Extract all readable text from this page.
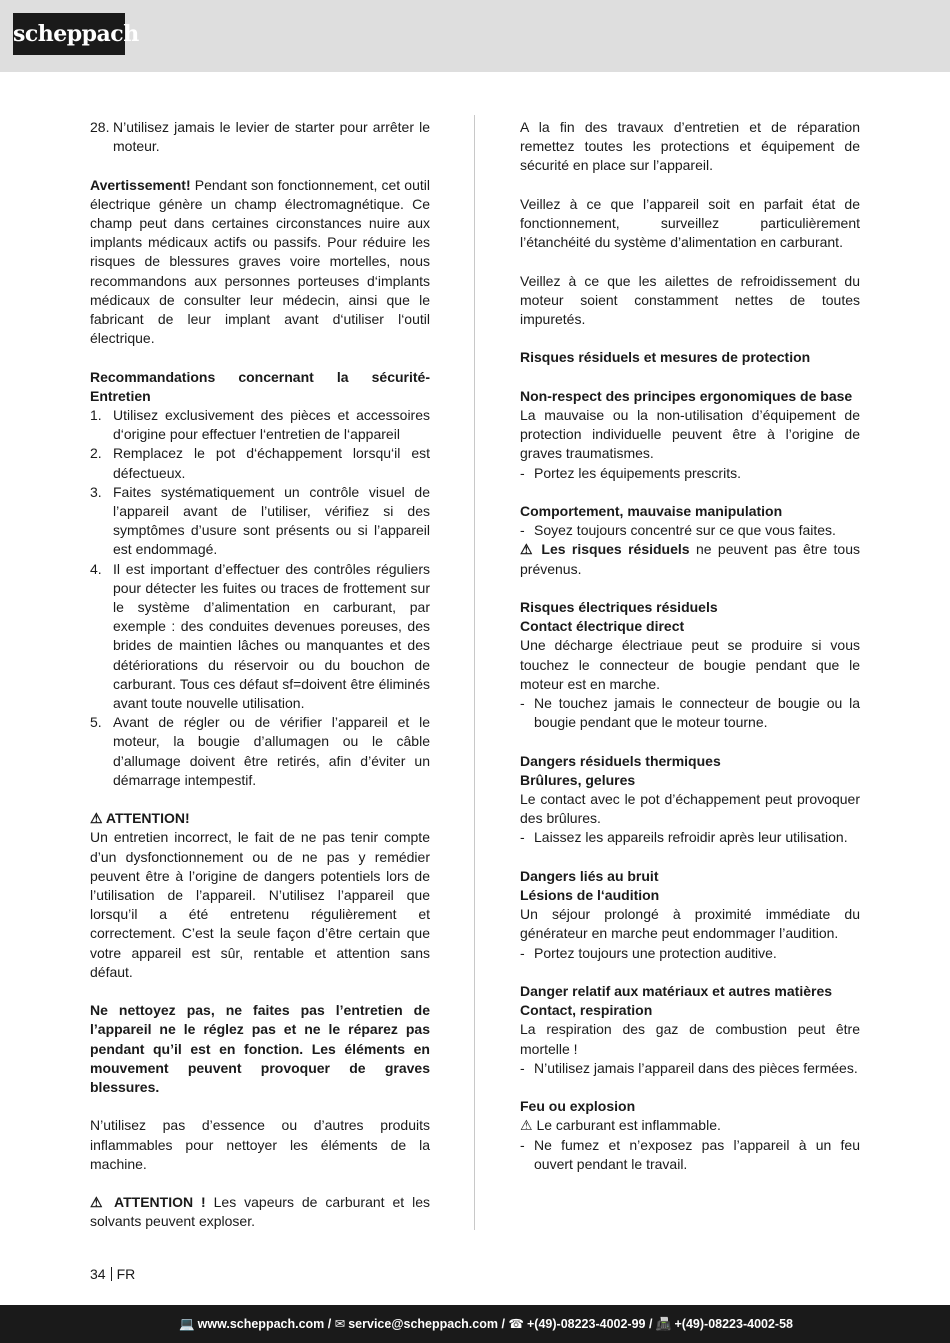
scheppach
28. N’utilisez jamais le levier de starter pour arrêter le moteur.

Avertissement! Pendant son fonctionnement, cet outil électrique génère un champ électromagnétique. Ce champ peut dans certaines circonstances nuire aux implants médicaux actifs ou passifs. Pour réduire les risques de blessures graves voire mortelles, nous recommandons aux personnes porteuses d‘implants médicaux de consulter leur médecin, ainsi que le fabricant de leur implant avant d‘utiliser l‘outil électrique.

Recommandations concernant la sécurité-Entretien

1. Utilisez exclusivement des pièces et accessoires d‘origine pour effectuer l‘entretien de l‘appareil
2. Remplacez le pot d‘échappement lorsqu‘il est défectueux.
3. Faites systématiquement un contrôle visuel de l’appareil avant de l’utiliser, vérifiez si des symptômes d’usure sont présents ou si l’appareil est endommagé.
4. Il est important d’effectuer des contrôles réguliers pour détecter les fuites ou traces de frottement sur le système d’alimentation en carburant, par exemple : des conduites devenues poreuses, des brides de maintien lâches ou manquantes et des détériorations du réservoir ou du bouchon de carburant. Tous ces défaut sf=doivent être éliminés avant toute nouvelle utilisation.
5. Avant de régler ou de vérifier l’appareil et le moteur, la bougie d’allumagen ou le câble d’allumage doivent être retirés, afin d’éviter un démarrage intempestif.

⚠ ATTENTION!

Un entretien incorrect, le fait de ne pas tenir compte d’un dysfonctionnement ou de ne pas y remédier peuvent être à l’origine de dangers potentiels lors de l’utilisation de l’appareil. N’utilisez l’appareil que lorsqu’il a été entretenu régulièrement et correctement. C’est la seule façon d’être certain que votre appareil est sûr, rentable et attention sans défaut.

Ne nettoyez pas, ne faites pas l’entretien de l’appareil ne le réglez pas et ne le réparez pas pendant qu’il est en fonction. Les éléments en mouvement peuvent provoquer de graves blessures.

N’utilisez pas d’essence ou d’autres produits inflammables pour nettoyer les éléments de la machine.

⚠ ATTENTION ! Les vapeurs de carburant et les solvants peuvent exploser.

A la fin des travaux d’entretien et de réparation remettez toutes les protections et équipement de sécurité en place sur l’appareil.

Veillez à ce que l’appareil soit en parfait état de fonctionnement, surveillez particulièrement l’étanchéité du système d’alimentation en carburant.

Veillez à ce que les ailettes de refroidissement du moteur soient constamment nettes de toutes impuretés.

Risques résiduels et mesures de protection

Non-respect des principes ergonomiques de base

La mauvaise ou la non-utilisation d’équipement de protection individuelle peuvent être à l’origine de graves traumatismes.

- Portez les équipements prescrits.

Comportement, mauvaise manipulation

- Soyez toujours concentré sur ce que vous faites.

⚠ Les risques résiduels ne peuvent pas être tous prévenus.

Risques électriques résiduels

Contact électrique direct

Une décharge électriaue peut se produire si vous touchez le connecteur de bougie pendant que le moteur est en marche.

- Ne touchez jamais le connecteur de bougie ou la bougie pendant que le moteur tourne.

Dangers résiduels thermiques

Brûlures, gelures

Le contact avec le pot d’échappement peut provoquer des brûlures.

- Laissez les appareils refroidir après leur utilisation.

Dangers liés au bruit

Lésions de l‘audition

Un séjour prolongé à proximité immédiate du générateur en marche peut endommager l’audition.

- Portez toujours une protection auditive.

Danger relatif aux matériaux et autres matières

Contact, respiration

La respiration des gaz de combustion peut être mortelle !

- N’utilisez jamais l’appareil dans des pièces fermées.

Feu ou explosion

⚠ Le carburant est inflammable.

- Ne fumez et n’exposez pas l’appareil à un feu ouvert pendant le travail.
34 FR
💻 www.scheppach.com / ✉ service@scheppach.com / ☎ +(49)-08223-4002-99 / 📠 +(49)-08223-4002-58
